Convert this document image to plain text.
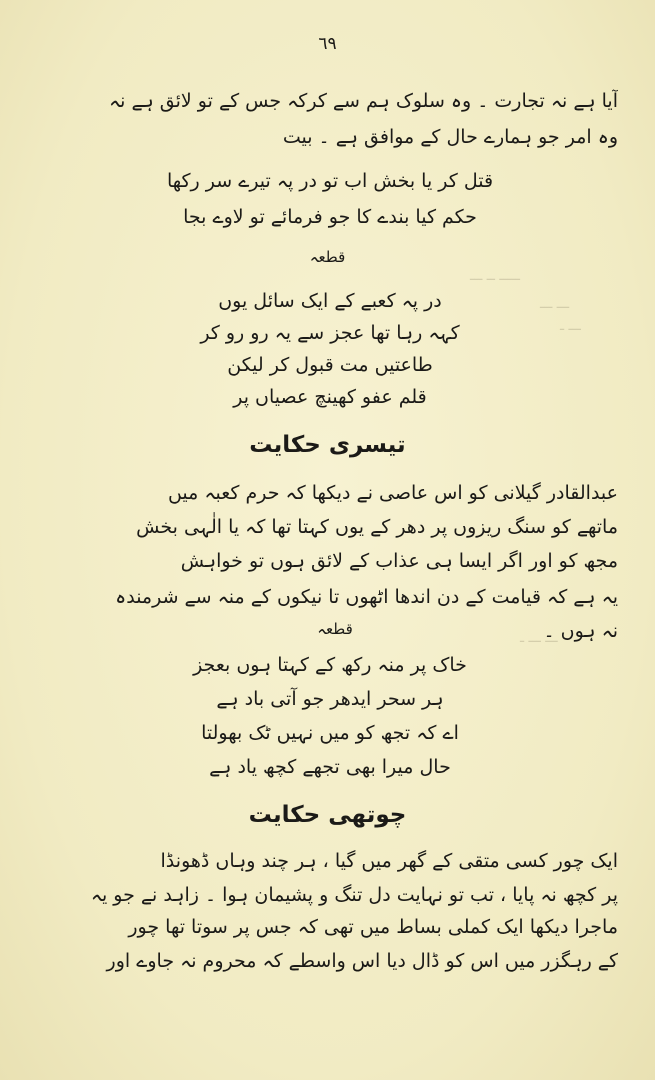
٦٩
ـــــ ــ ـــ
ـــ ـــ
ـــ ـ
ـــ ـــ ـ
آیا ہے نہ تجارت ۔ وہ سلوک ہم سے کرکہ جس کے تو لائق ہے نہ
وہ امر جو ہمارے حال کے موافق ہے ۔ بیت
قتل کر یا بخش اب تو در پہ تیرے سر رکھا
حکم کیا بندے کا جو فرمائے تو لاوے بجا
قطعہ
در پہ کعبے کے ایک سائل یوں
کہہ رہا تھا عجز سے یہ رو رو کر
طاعتیں مت قبول کر لیکن
قلم عفو کھینچ عصیاں پر
تیسری حکایت
عبدالقادر گیلانی کو اس عاصی نے دیکھا کہ حرم کعبہ میں
ماتھے کو سنگ ریزوں پر دھر کے یوں کہتا تھا کہ یا الٰہی بخش
مجھ کو اور اگر ایسا ہی عذاب کے لائق ہوں تو خواہش
یہ ہے کہ قیامت کے دن اندھا اٹھوں تا نیکوں کے منہ سے شرمندہ
نہ ہوں ۔
قطعہ
خاک پر منہ رکھ کے کہتا ہوں بعجز
ہر سحر ایدھر جو آتی باد ہے
اے کہ تجھ کو میں نہیں ٹک بھولتا
حال میرا بھی تجھے کچھ یاد ہے
چوتھی حکایت
ایک چور کسی متقی کے گھر میں گیا ، ہر چند وہاں ڈھونڈا
پر کچھ نہ پایا ، تب تو نہایت دل تنگ و پشیمان ہوا ۔ زاہد نے جو یہ
ماجرا دیکھا ایک کملی بساط میں تھی کہ جس پر سوتا تھا چور
کے رہگزر میں اس کو ڈال دیا اس واسطے کہ محروم نہ جاوے اور
